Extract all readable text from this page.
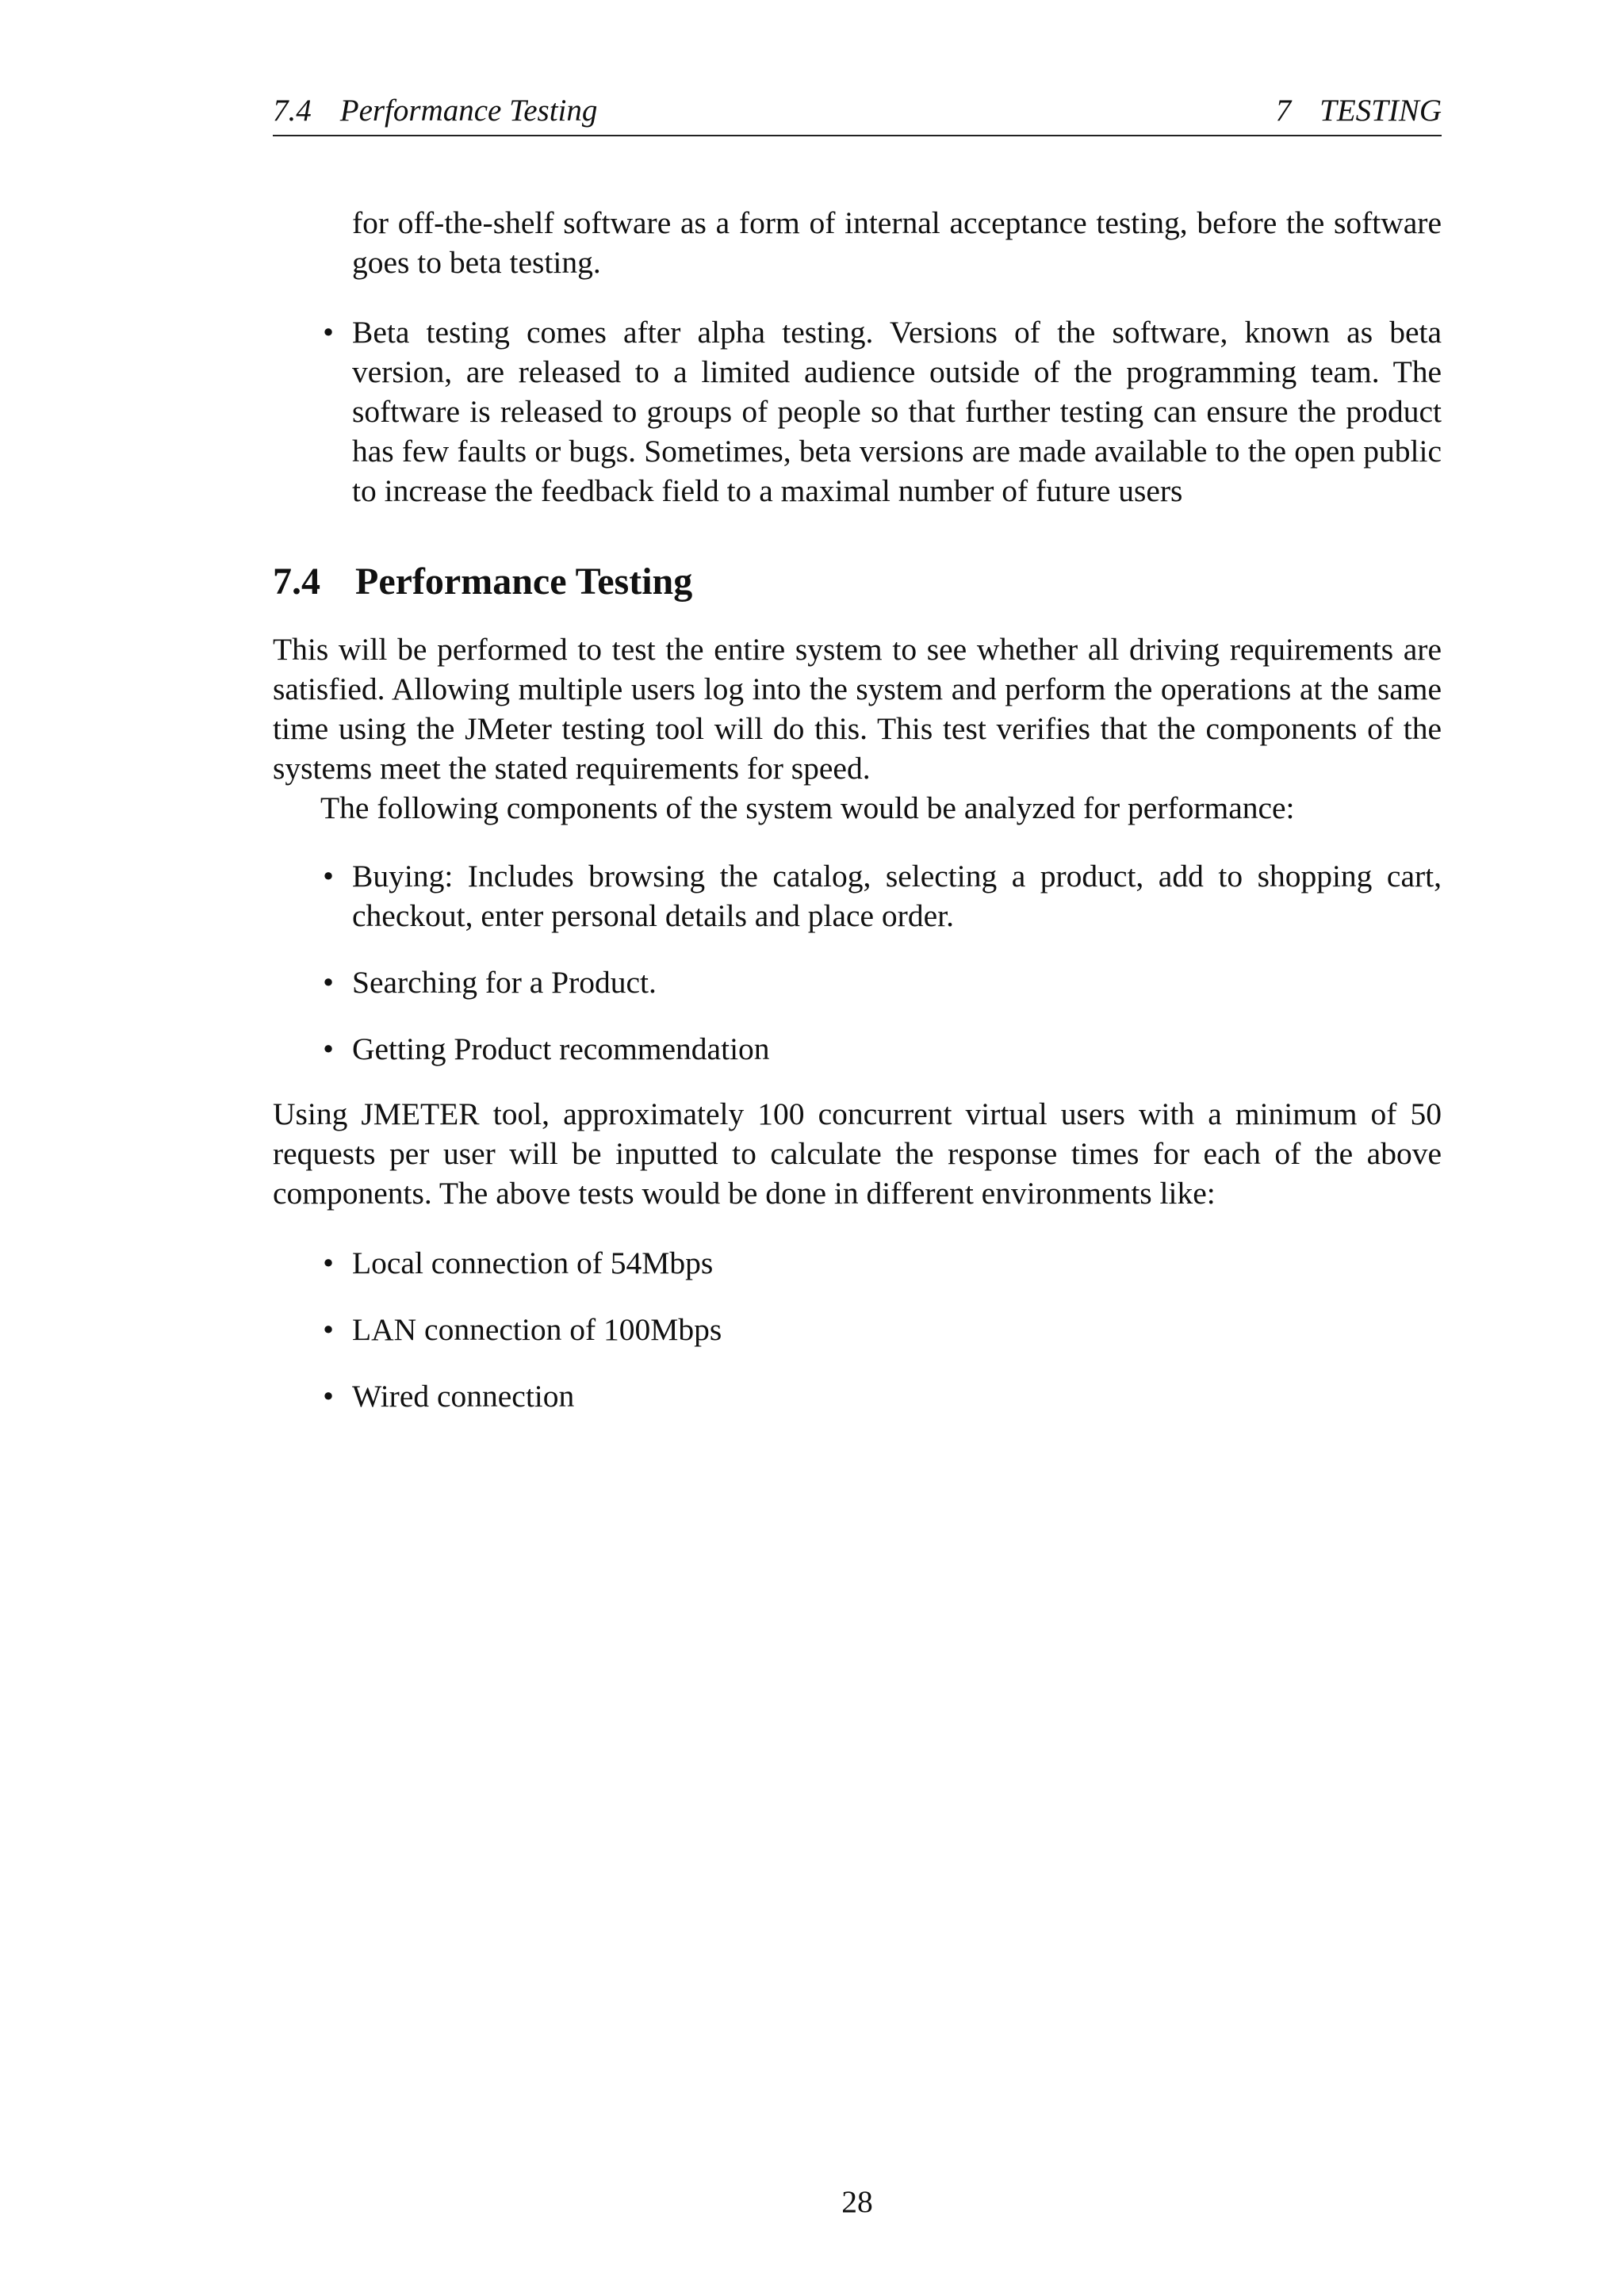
7.4 Performance Testing	7 TESTING

for off-the-shelf software as a form of internal acceptance testing, before the software goes to beta testing.

• Beta testing comes after alpha testing. Versions of the software, known as beta version, are released to a limited audience outside of the programming team. The software is released to groups of people so that further testing can ensure the product has few faults or bugs. Sometimes, beta versions are made available to the open public to increase the feedback field to a maximal number of future users
7.4 Performance Testing

This will be performed to test the entire system to see whether all driving requirements are satisfied. Allowing multiple users log into the system and perform the operations at the same time using the JMeter testing tool will do this. This test verifies that the components of the systems meet the stated requirements for speed.

The following components of the system would be analyzed for performance:

• Buying: Includes browsing the catalog, selecting a product, add to shopping cart, checkout, enter personal details and place order.
• Searching for a Product.
• Getting Product recommendation

Using JMETER tool, approximately 100 concurrent virtual users with a minimum of 50 requests per user will be inputted to calculate the response times for each of the above components. The above tests would be done in different environments like:

• Local connection of 54Mbps
• LAN connection of 100Mbps
• Wired connection
28
